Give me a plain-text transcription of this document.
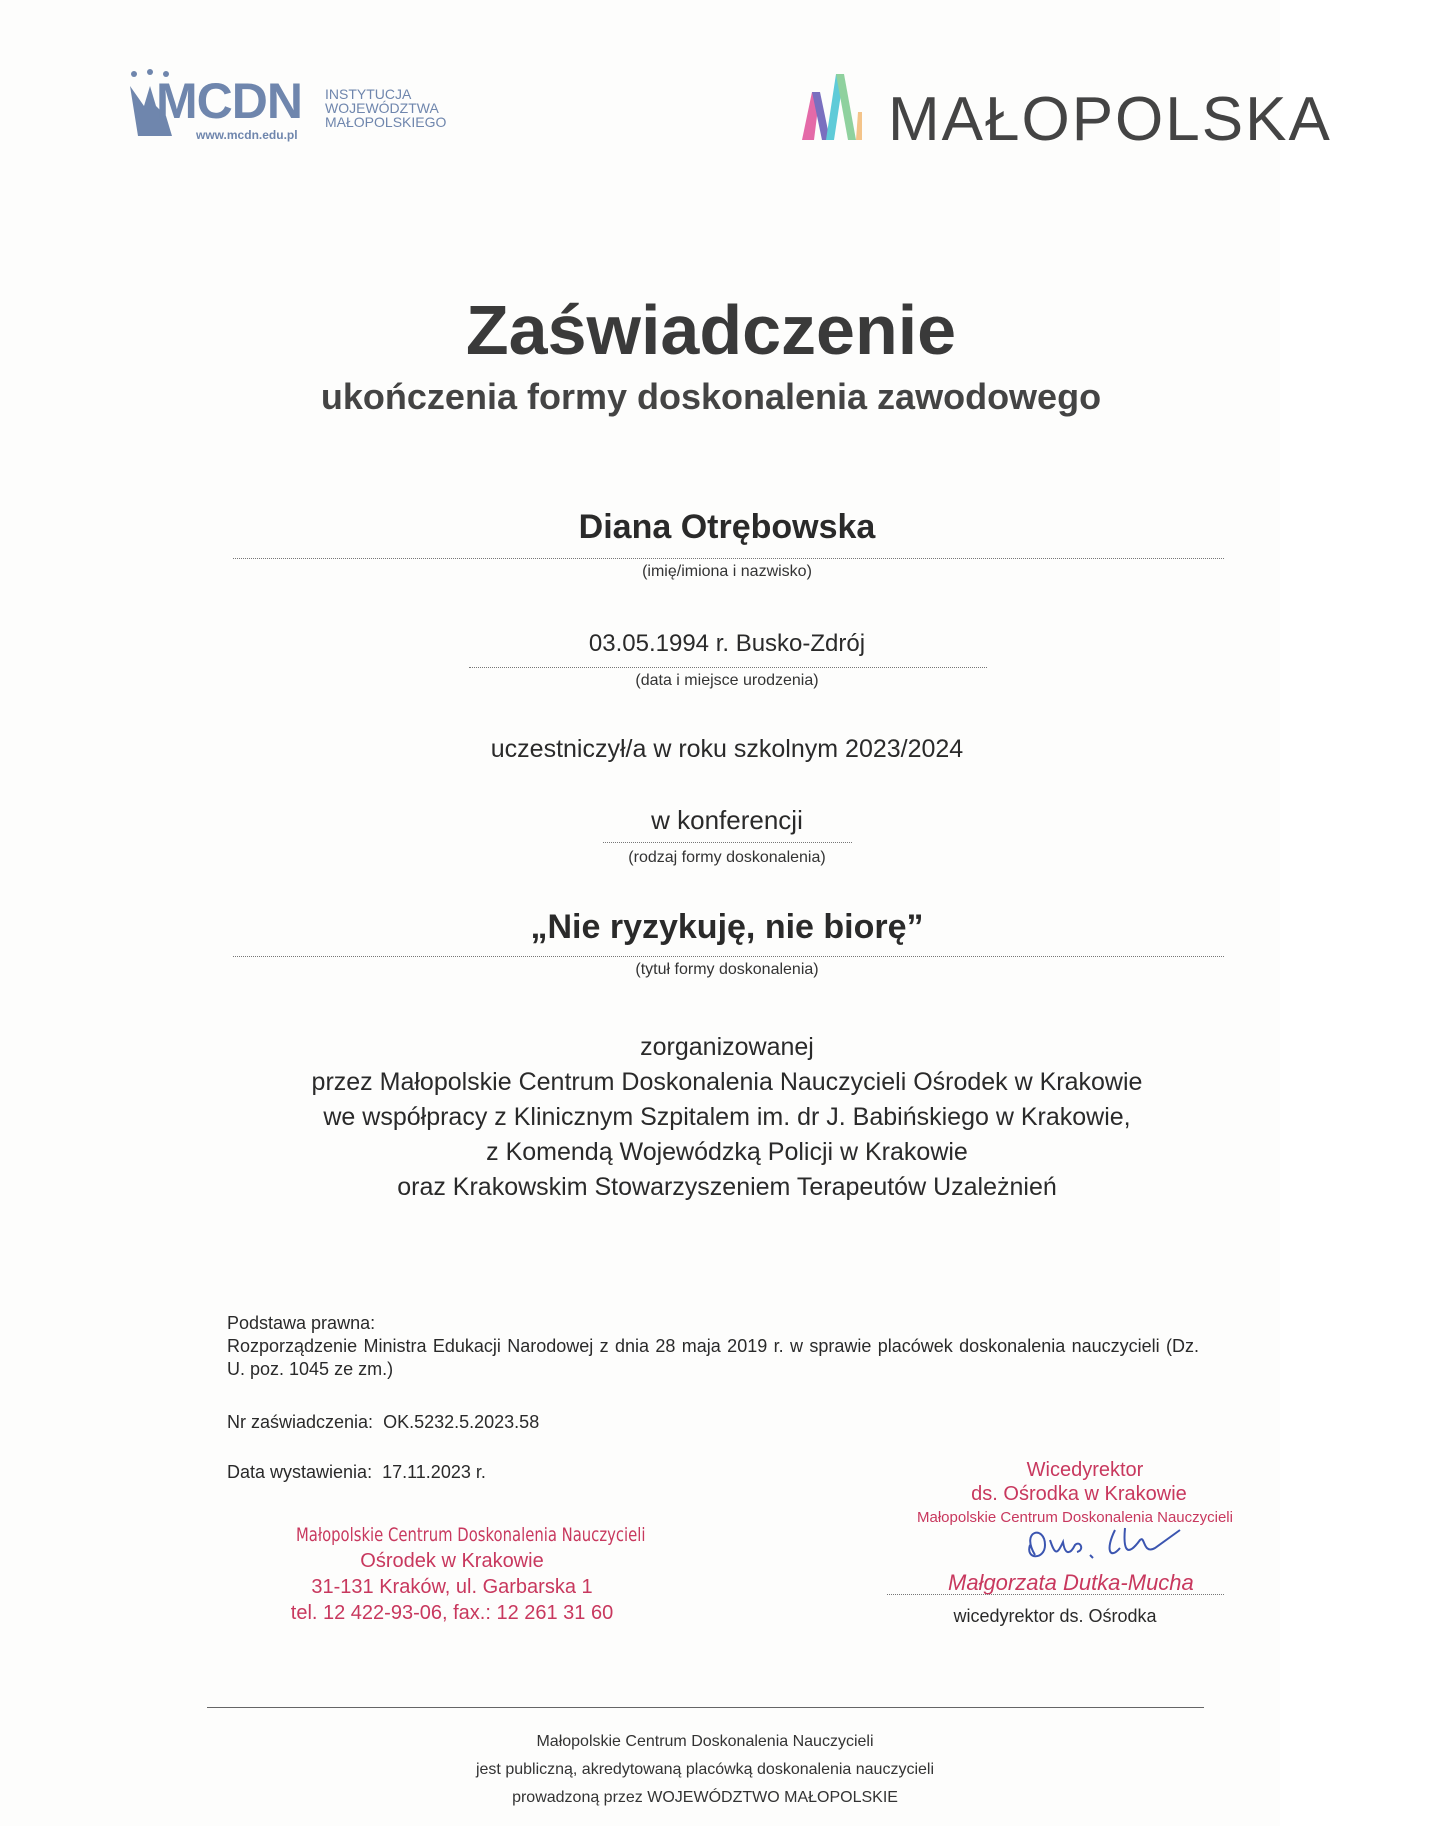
MCDN
www.mcdn.edu.pl
INSTYTUCJA
WOJEWÓDZTWA
MAŁOPOLSKIEGO	MAŁOPOLSKA
Zaświadczenie
ukończenia formy doskonalenia zawodowego
Diana Otrębowska
(imię/imiona i nazwisko)
03.05.1994 r. Busko-Zdrój
(data i miejsce urodzenia)
uczestniczył/a w roku szkolnym 2023/2024
w konferencji
(rodzaj formy doskonalenia)
„Nie ryzykuję, nie biorę”
(tytuł formy doskonalenia)
zorganizowanej
przez Małopolskie Centrum Doskonalenia Nauczycieli Ośrodek w Krakowie
we współpracy z Klinicznym Szpitalem im. dr J. Babińskiego w Krakowie,
z Komendą Wojewódzką Policji w Krakowie
oraz Krakowskim Stowarzyszeniem Terapeutów Uzależnień
Podstawa prawna:
Rozporządzenie Ministra Edukacji Narodowej z dnia 28 maja 2019 r. w sprawie placówek doskonalenia nauczycieli (Dz. U. poz. 1045 ze zm.)
Nr zaświadczenia: OK.5232.5.2023.58
Data wystawienia: 17.11.2023 r.
Małopolskie Centrum Doskonalenia Nauczycieli
Ośrodek w Krakowie
31-131 Kraków, ul. Garbarska 1
tel. 12 422-93-06, fax.: 12 261 31 60
Wicedyrektor
ds. Ośrodka w Krakowie
Małopolskie Centrum Doskonalenia Nauczycieli
Małgorzata Dutka-Mucha
wicedyrektor ds. Ośrodka
Małopolskie Centrum Doskonalenia Nauczycieli
jest publiczną, akredytowaną placówką doskonalenia nauczycieli
prowadzoną przez WOJEWÓDZTWO MAŁOPOLSKIE
